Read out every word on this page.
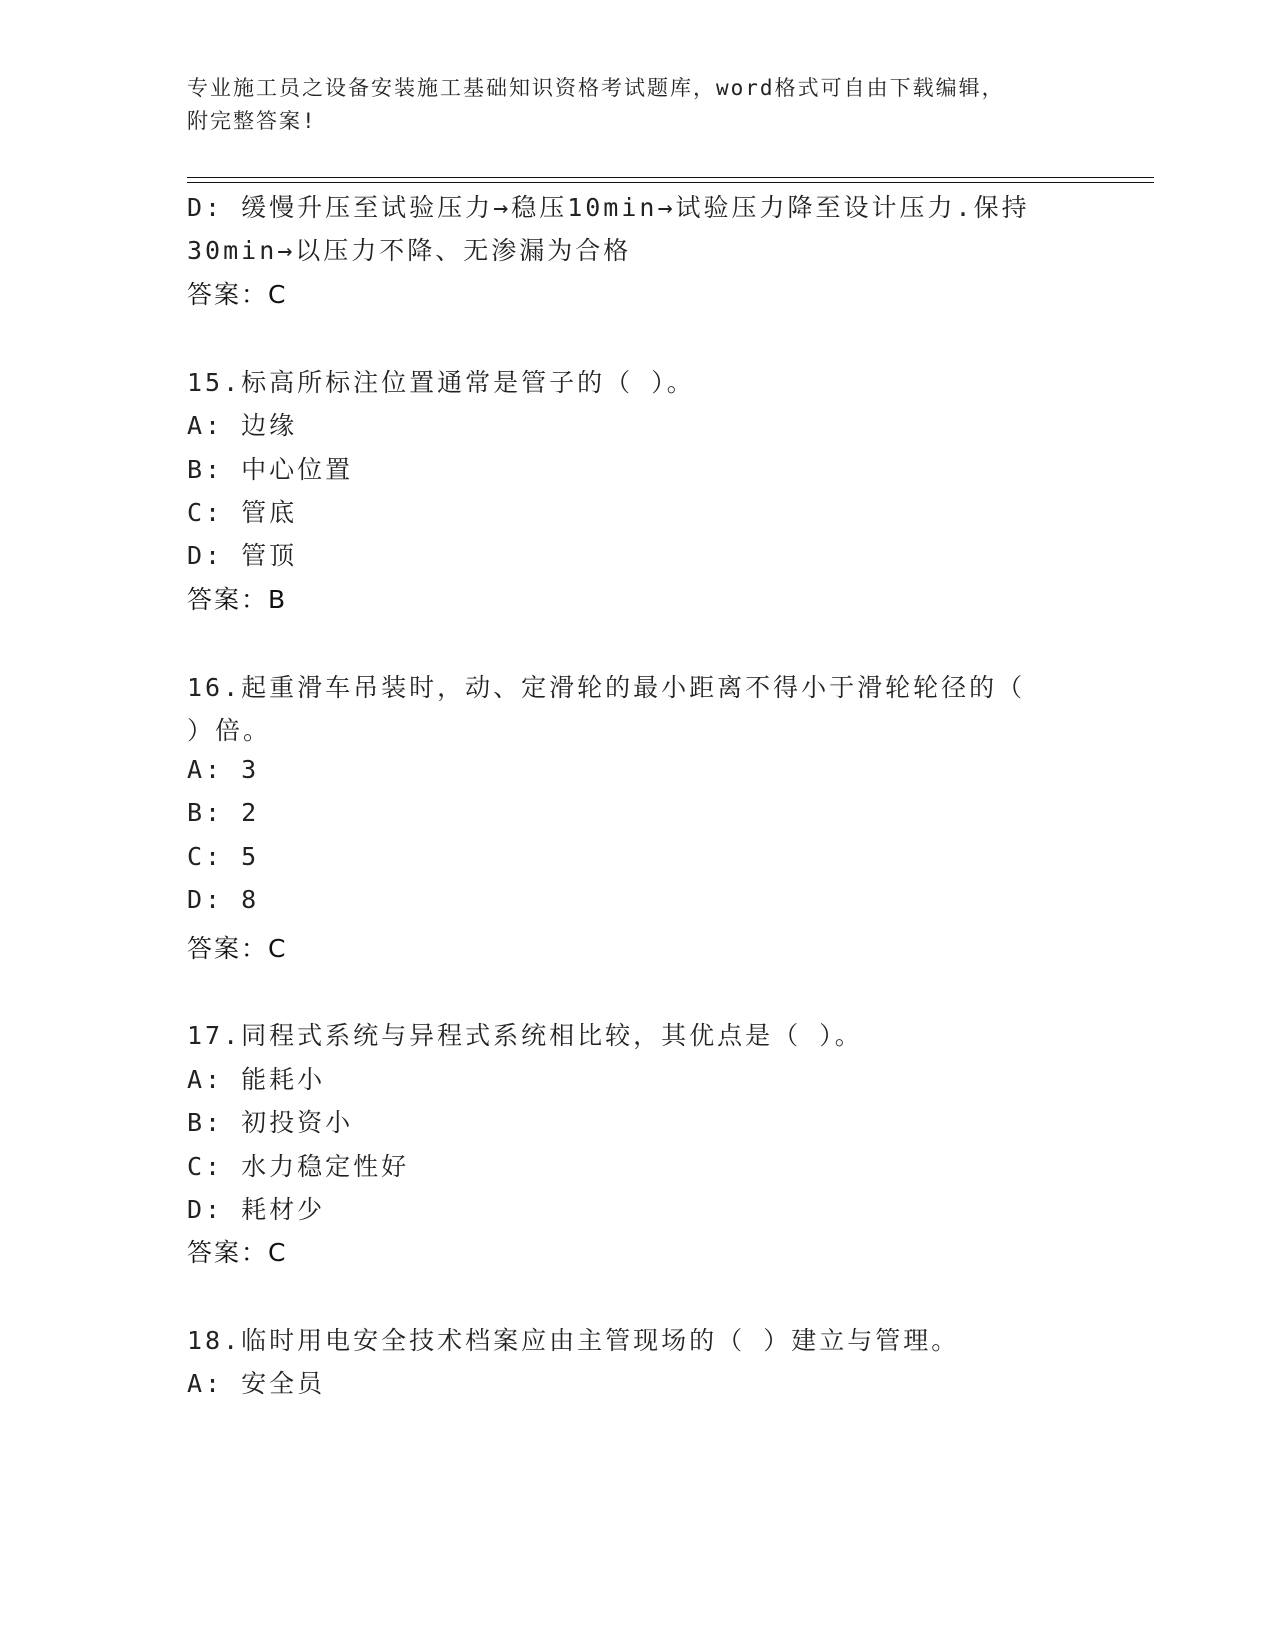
专业施工员之设备安装施工基础知识资格考试题库，word格式可自由下载编辑，
附完整答案!
D: 缓慢升压至试验压力→稳压10min→试验压力降至设计压力.保持
30min→以压力不降、无渗漏为合格
答案：C
15.标高所标注位置通常是管子的（ ）。
A: 边缘
B: 中心位置
C: 管底
D: 管顶
答案：B
16.起重滑车吊装时，动、定滑轮的最小距离不得小于滑轮轮径的（
）倍。
A: 3
B: 2
C: 5
D: 8
答案：C
17.同程式系统与异程式系统相比较，其优点是（ ）。
A: 能耗小
B: 初投资小
C: 水力稳定性好
D: 耗材少
答案：C
18.临时用电安全技术档案应由主管现场的（ ）建立与管理。
A: 安全员
